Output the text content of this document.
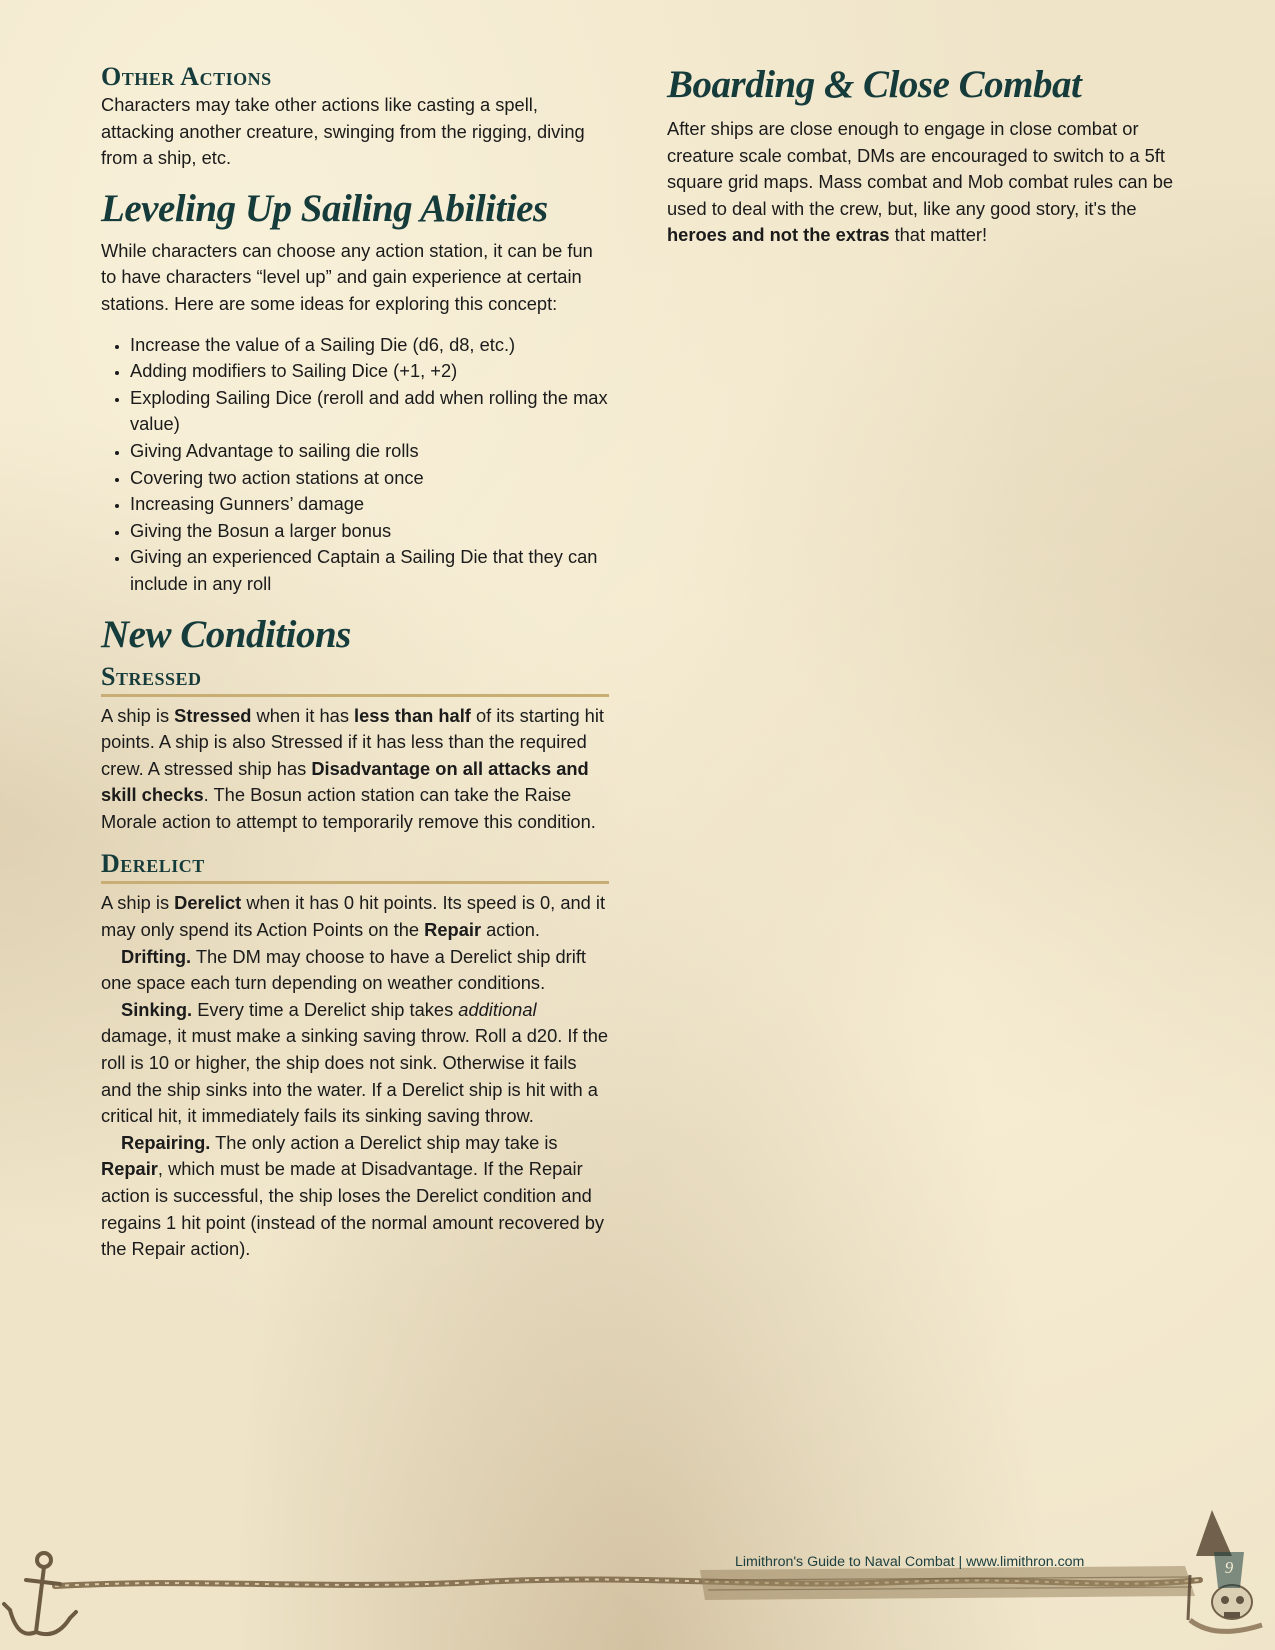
Other Actions

Characters may take other actions like casting a spell, attacking another creature, swinging from the rigging, diving from a ship, etc.

Leveling Up Sailing Abilities

While characters can choose any action station, it can be fun to have characters “level up” and gain experience at certain stations. Here are some ideas for exploring this concept:

• Increase the value of a Sailing Die (d6, d8, etc.)
• Adding modifiers to Sailing Dice (+1, +2)
• Exploding Sailing Dice (reroll and add when rolling the max value)
• Giving Advantage to sailing die rolls
• Covering two action stations at once
• Increasing Gunners’ damage
• Giving the Bosun a larger bonus
• Giving an experienced Captain a Sailing Die that they can include in any roll
New Conditions
Stressed

A ship is Stressed when it has less than half of its starting hit points. A ship is also Stressed if it has less than the required crew. A stressed ship has Disadvantage on all attacks and skill checks. The Bosun action station can take the Raise Morale action to attempt to temporarily remove this condition.

Derelict

A ship is Derelict when it has 0 hit points. Its speed is 0, and it may only spend its Action Points on the Repair action.

Drifting. The DM may choose to have a Derelict ship drift one space each turn depending on weather conditions.

Sinking. Every time a Derelict ship takes additional damage, it must make a sinking saving throw. Roll a d20. If the roll is 10 or higher, the ship does not sink. Otherwise it fails and the ship sinks into the water. If a Derelict ship is hit with a critical hit, it immediately fails its sinking saving throw.

Repairing. The only action a Derelict ship may take is Repair, which must be made at Disadvantage. If the Repair action is successful, the ship loses the Derelict condition and regains 1 hit point (instead of the normal amount recovered by the Repair action).

Boarding & Close Combat

After ships are close enough to engage in close combat or creature scale combat, DMs are encouraged to switch to a 5ft square grid maps. Mass combat and Mob combat rules can be used to deal with the crew, but, like any good story, it's the heroes and not the extras that matter!

Limithron's Guide to Naval Combat | www.limithron.com	9
